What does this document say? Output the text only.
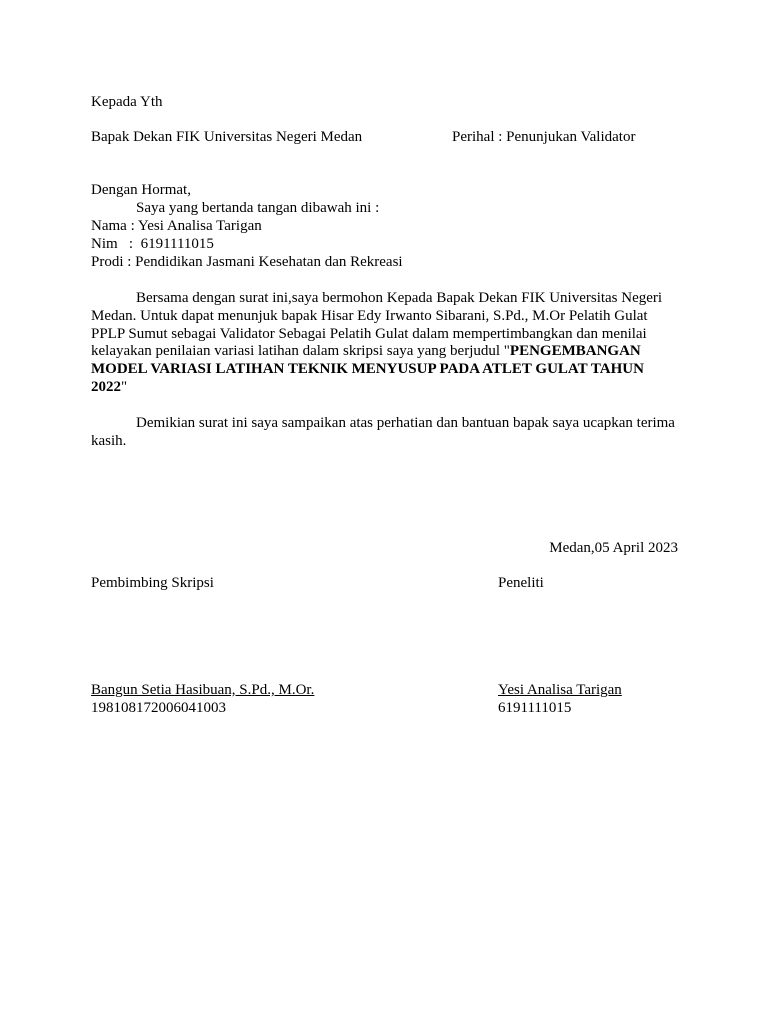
Kepada Yth
Bapak Dekan FIK Universitas Negeri Medan	Perihal : Penunjukan Validator
Dengan Hormat,
Saya yang bertanda tangan dibawah ini :
Nama : Yesi Analisa Tarigan
Nim   :  6191111015
Prodi : Pendidikan Jasmani Kesehatan dan Rekreasi
Bersama dengan surat ini,saya bermohon Kepada Bapak Dekan FIK Universitas Negeri Medan. Untuk dapat menunjuk bapak Hisar Edy Irwanto Sibarani, S.Pd., M.Or Pelatih Gulat PPLP Sumut sebagai Validator Sebagai Pelatih Gulat dalam mempertimbangkan dan menilai kelayakan penilaian variasi latihan dalam skripsi saya yang berjudul "PENGEMBANGAN MODEL VARIASI LATIHAN TEKNIK MENYUSUP PADA ATLET GULAT TAHUN 2022"
Demikian surat ini saya sampaikan atas perhatian dan bantuan bapak saya ucapkan terima kasih.
Medan,05 April 2023
Pembimbing Skripsi	Peneliti
Bangun Setia Hasibuan, S.Pd., M.Or.	Yesi Analisa Tarigan
198108172006041003	6191111015
